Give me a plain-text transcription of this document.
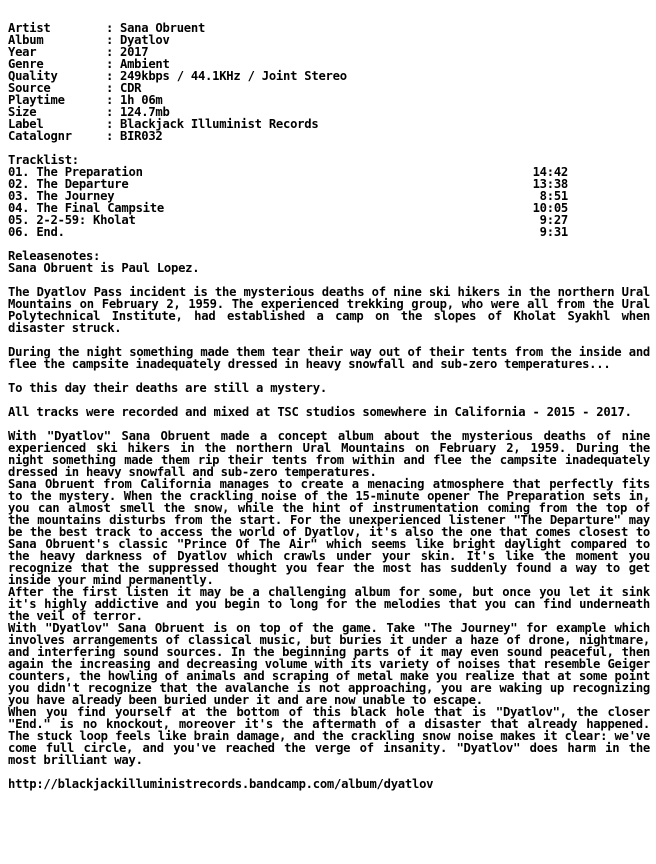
Artist	: Sana Obruent
Album	: Dyatlov
Year	: 2017
Genre	: Ambient
Quality	: 249kbps / 44.1KHz / Joint Stereo
Source	: CDR
Playtime	: 1h 06m
Size	: 124.7mb
Label	: Blackjack Illuminist Records
Catalognr	: BIR032
Tracklist:
01. The Preparation	14:42
02. The Departure	13:38
03. The Journey	8:51
04. The Final Campsite	10:05
05. 2-2-59: Kholat	9:27
06. End.	9:31
Releasenotes:
Sana Obruent is Paul Lopez.
The Dyatlov Pass incident is the mysterious deaths of nine ski hikers in the northern Ural Mountains on February 2, 1959. The experienced trekking group, who were all from the Ural Polytechnical Institute, had established a camp on the slopes of Kholat Syakhl when disaster struck.
During the night something made them tear their way out of their tents from the inside and flee the campsite inadequately dressed in heavy snowfall and sub-zero temperatures...
To this day their deaths are still a mystery.
All tracks were recorded and mixed at TSC studios somewhere in California - 2015 - 2017.
With "Dyatlov" Sana Obruent made a concept album about the mysterious deaths of nine experienced ski hikers in the northern Ural Mountains on February 2, 1959. During the night something made them rip their tents from within and flee the campsite inadequately dressed in heavy snowfall and sub-zero temperatures.
Sana Obruent from California manages to create a menacing atmosphere that perfectly fits to the mystery. When the crackling noise of the 15-minute opener The Preparation sets in, you can almost smell the snow, while the hint of instrumentation coming from the top of the mountains disturbs from the start. For the unexperienced listener "The Departure" may be the best track to access the world of Dyatlov, it's also the one that comes closest to Sana Obruent's classic "Prince Of The Air" which seems like bright daylight compared to the heavy darkness of Dyatlov which crawls under your skin. It's like the moment you recognize that the suppressed thought you fear the most has suddenly found a way to get inside your mind permanently.
After the first listen it may be a challenging album for some, but once you let it sink it's highly addictive and you begin to long for the melodies that you can find underneath the veil of terror.
With "Dyatlov" Sana Obruent is on top of the game. Take "The Journey" for example which involves arrangements of classical music, but buries it under a haze of drone, nightmare, and interfering sound sources. In the beginning parts of it may even sound peaceful, then again the increasing and decreasing volume with its variety of noises that resemble Geiger counters, the howling of animals and scraping of metal make you realize that at some point you didn't recognize that the avalanche is not approaching, you are waking up recognizing you have already been buried under it and are now unable to escape.
When you find yourself at the bottom of this black hole that is "Dyatlov", the closer "End." is no knockout, moreover it's the aftermath of a disaster that already happened. The stuck loop feels like brain damage, and the crackling snow noise makes it clear: we've come full circle, and you've reached the verge of insanity. "Dyatlov" does harm in the most brilliant way.
http://blackjackilluministrecords.bandcamp.com/album/dyatlov
